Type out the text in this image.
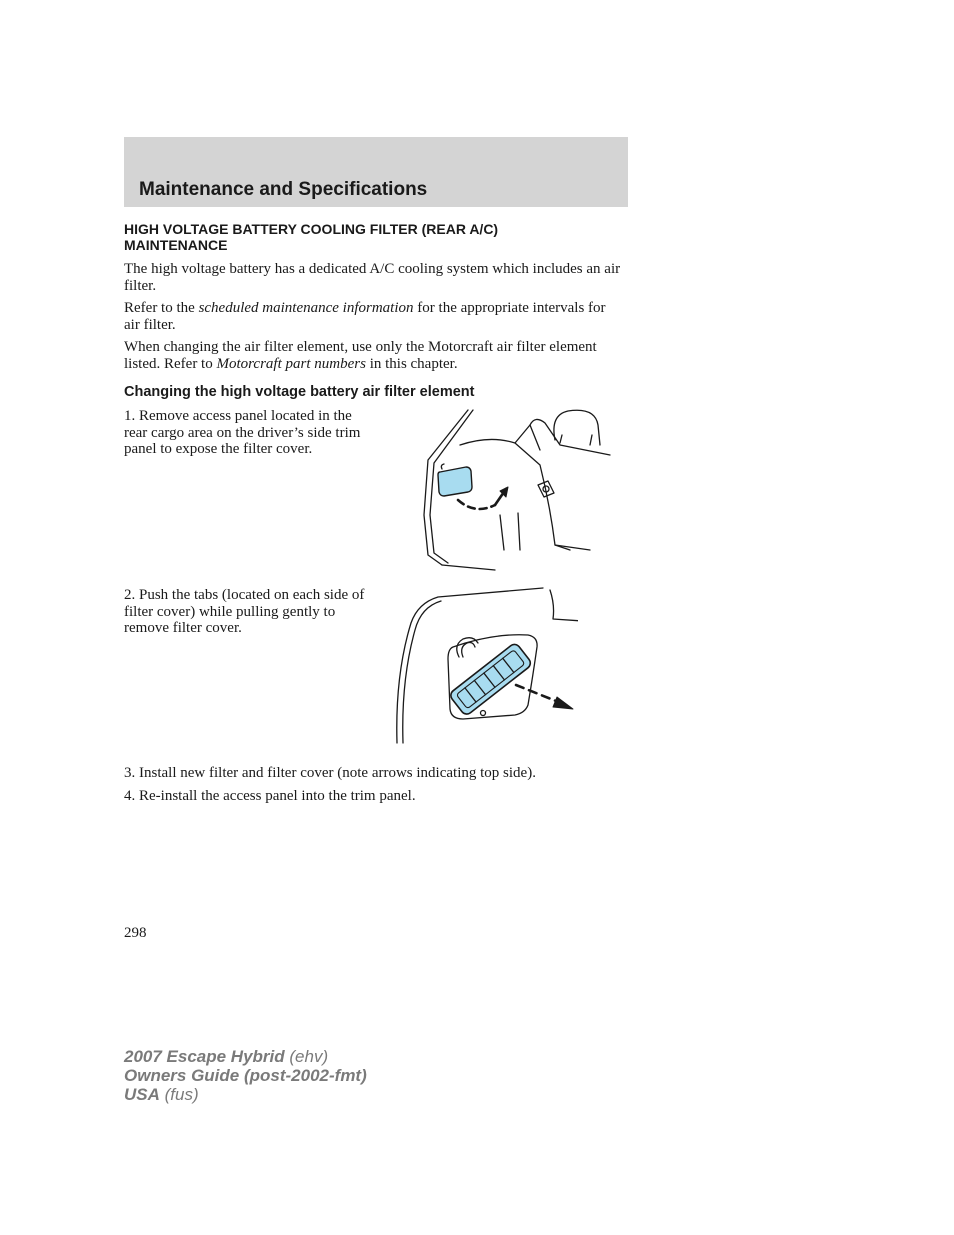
Maintenance and Specifications
HIGH VOLTAGE BATTERY COOLING FILTER (REAR A/C) MAINTENANCE

The high voltage battery has a dedicated A/C cooling system which includes an air filter.

Refer to the scheduled maintenance information for the appropriate intervals for air filter.

When changing the air filter element, use only the Motorcraft air filter element listed. Refer to Motorcraft part numbers in this chapter.

Changing the high voltage battery air filter element

1. Remove access panel located in the rear cargo area on the driver’s side trim panel to expose the filter cover.

2. Push the tabs (located on each side of filter cover) while pulling gently to remove filter cover.

3. Install new filter and filter cover (note arrows indicating top side).

4. Re-install the access panel into the trim panel.

298
2007 Escape Hybrid (ehv)
Owners Guide (post-2002-fmt)
USA (fus)
